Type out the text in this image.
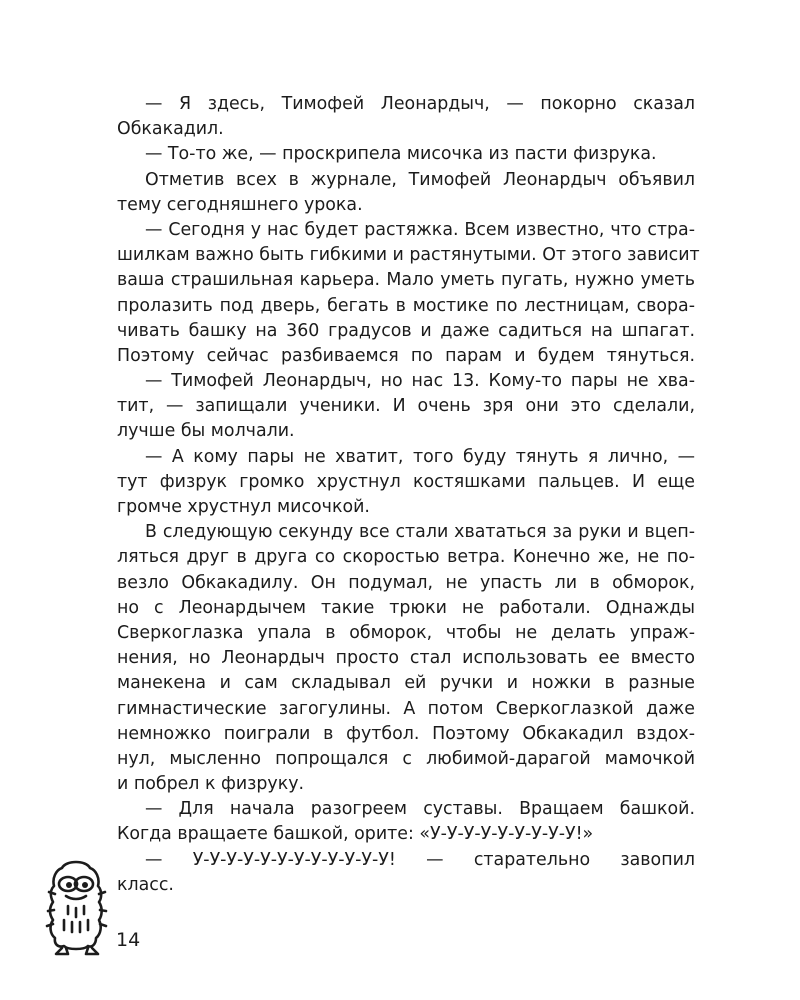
— Я здесь, Тимофей Леонардыч, — покорно сказал
Обкакадил.
— То-то же, — проскрипела мисочка из пасти физрука.
Отметив всех в журнале, Тимофей Леонардыч объявил
тему сегодняшнего урока.
— Сегодня у нас будет растяжка. Всем известно, что стра-
шилкам важно быть гибкими и растянутыми. От этого зависит
ваша страшильная карьера. Мало уметь пугать, нужно уметь
пролазить под дверь, бегать в мостике по лестницам, свора-
чивать башку на 360 градусов и даже садиться на шпагат.
Поэтому сейчас разбиваемся по парам и будем тянуться.
— Тимофей Леонардыч, но нас 13. Кому-то пары не хва-
тит, — запищали ученики. И очень зря они это сделали,
лучше бы молчали.
— А кому пары не хватит, того буду тянуть я лично, —
тут физрук громко хрустнул костяшками пальцев. И еще
громче хрустнул мисочкой.
В следующую секунду все стали хвататься за руки и вцеп-
ляться друг в друга со скоростью ветра. Конечно же, не по-
везло Обкакадилу. Он подумал, не упасть ли в обморок,
но с Леонардычем такие трюки не работали. Однажды
Сверкоглазка упала в обморок, чтобы не делать упраж-
нения, но Леонардыч просто стал использовать ее вместо
манекена и сам складывал ей ручки и ножки в разные
гимнастические загогулины. А потом Сверкоглазкой даже
немножко поиграли в футбол. Поэтому Обкакадил вздох-
нул, мысленно попрощался с любимой-дарагой мамочкой
и побрел к физруку.
— Для начала разогреем суставы. Вращаем башкой.
Когда вращаете башкой, орите: «У-У-У-У-У-У-У-У-У!»
— У-У-У-У-У-У-У-У-У-У-У-У! — старательно завопил
класс.
14
